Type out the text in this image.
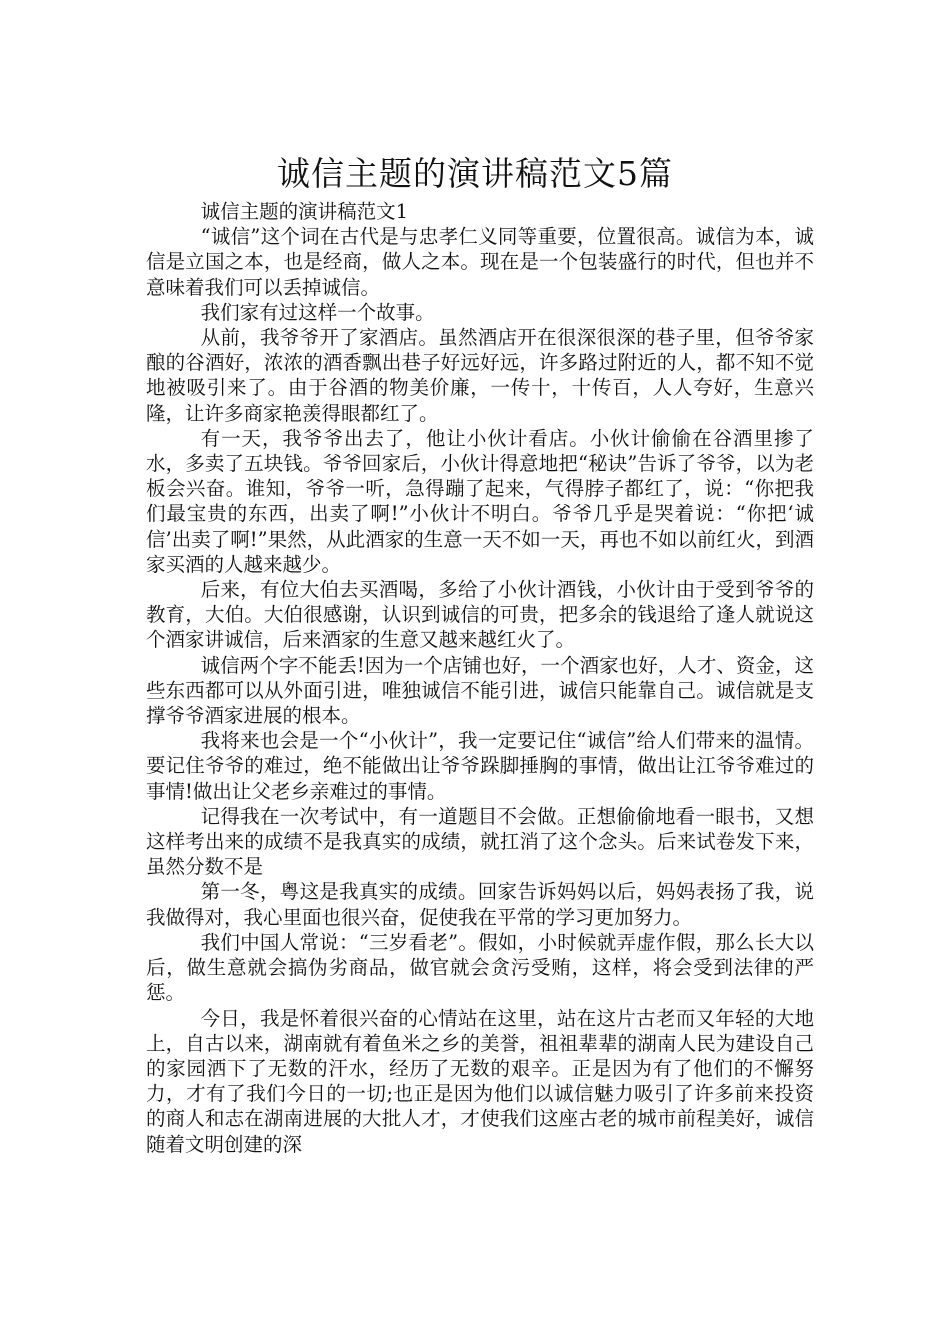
诚信主题的演讲稿范文5篇

诚信主题的演讲稿范文1

“诚信”这个词在古代是与忠孝仁义同等重要，位置很高。诚信为本，诚信是立国之本，也是经商，做人之本。现在是一个包装盛行的时代，但也并不意味着我们可以丢掉诚信。

我们家有过这样一个故事。

从前，我爷爷开了家酒店。虽然酒店开在很深很深的巷子里，但爷爷家酿的谷酒好，浓浓的酒香飘出巷子好远好远，许多路过附近的人，都不知不觉地被吸引来了。由于谷酒的物美价廉，一传十，十传百，人人夸好，生意兴隆，让许多商家艳羡得眼都红了。

有一天，我爷爷出去了，他让小伙计看店。小伙计偷偷在谷酒里掺了水，多卖了五块钱。爷爷回家后，小伙计得意地把“秘诀”告诉了爷爷，以为老板会兴奋。谁知，爷爷一听，急得蹦了起来，气得脖子都红了，说：“你把我们最宝贵的东西，出卖了啊!”小伙计不明白。爷爷几乎是哭着说：“你把‘诚信’出卖了啊!”果然，从此酒家的生意一天不如一天，再也不如以前红火，到酒家买酒的人越来越少。

后来，有位大伯去买酒喝，多给了小伙计酒钱，小伙计由于受到爷爷的教育，大伯。大伯很感谢，认识到诚信的可贵，把多余的钱退给了逢人就说这个酒家讲诚信，后来酒家的生意又越来越红火了。

诚信两个字不能丢!因为一个店铺也好，一个酒家也好，人才、资金，这些东西都可以从外面引进，唯独诚信不能引进，诚信只能靠自己。诚信就是支撑爷爷酒家进展的根本。

我将来也会是一个“小伙计”，我一定要记住“诚信”给人们带来的温情。要记住爷爷的难过，绝不能做出让爷爷跺脚捶胸的事情，做出让江爷爷难过的事情!做出让父老乡亲难过的事情。

记得我在一次考试中，有一道题目不会做。正想偷偷地看一眼书，又想这样考出来的成绩不是我真实的成绩，就扛消了这个念头。后来试卷发下来，虽然分数不是

第一冬，粤这是我真实的成绩。回家告诉妈妈以后，妈妈表扬了我，说我做得对，我心里面也很兴奋，促使我在平常的学习更加努力。

我们中国人常说：“三岁看老”。假如，小时候就弄虚作假，那么长大以后，做生意就会搞伪劣商品，做官就会贪污受贿，这样，将会受到法律的严惩。

今日，我是怀着很兴奋的心情站在这里，站在这片古老而又年轻的大地上，自古以来，湖南就有着鱼米之乡的美誉，祖祖辈辈的湖南人民为建设自己的家园洒下了无数的汗水，经历了无数的艰辛。正是因为有了他们的不懈努力，才有了我们今日的一切;也正是因为他们以诚信魅力吸引了许多前来投资的商人和志在湖南进展的大批人才，才使我们这座古老的城市前程美好，诚信随着文明创建的深
